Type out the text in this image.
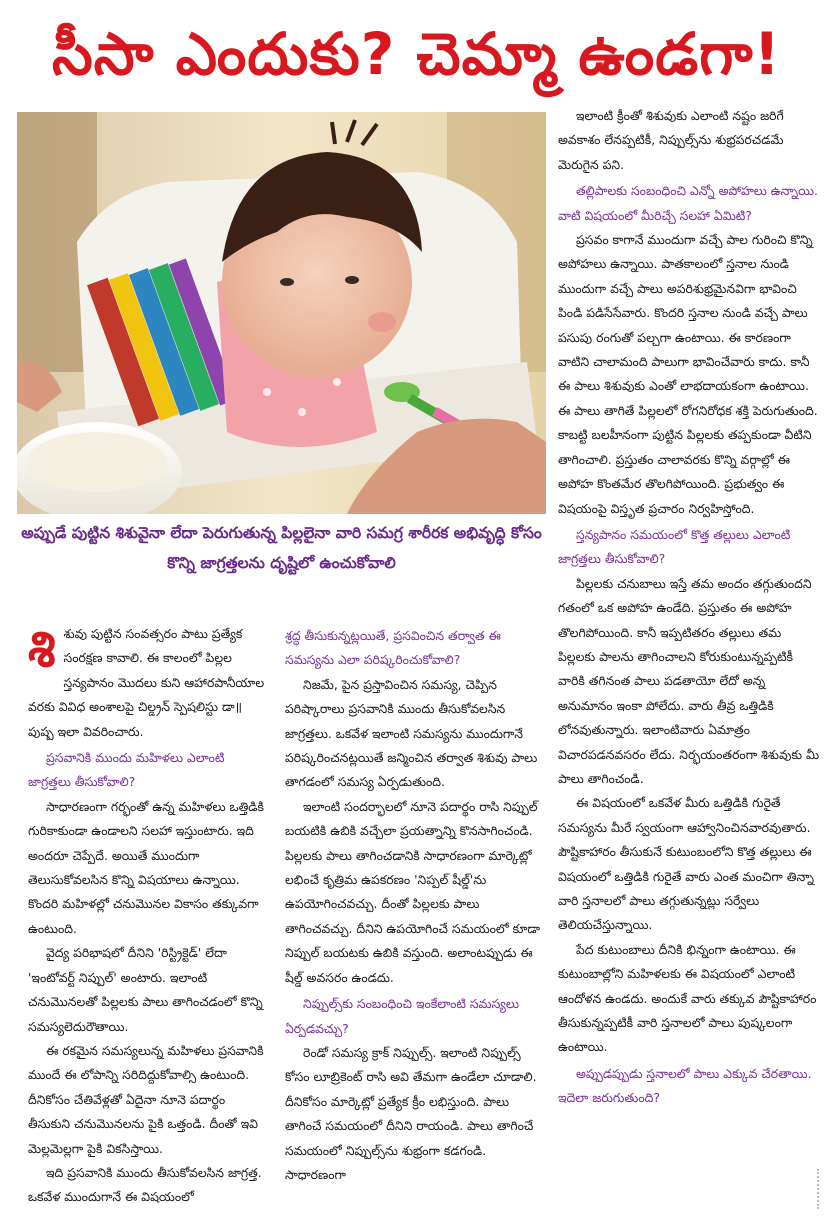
సీసా ఎందుకు? చెమ్మా ఉండగా!

అప్పుడే పుట్టిన శిశువైనా లేదా పెరుగుతున్న పిల్లలైనా వారి సమగ్ర శారీరక అభివృద్ధి కోసం కొన్ని జాగ్రత్తలను దృష్టిలో ఉంచుకోవాలి

శి శువు పుట్టిన సంవత్సరం పాటు ప్రత్యేక సంరక్షణ కావాలి. ఈ కాలంలో పిల్లల స్తన్యపానం మొదలు కుని ఆహారపానీయాల వరకు వివిధ అంశాలపై చిల్డ్రన్ స్పెషలిస్టు డా॥ పుష్ప ఇలా వివరించారు.

ప్రసవానికి ముందు మహిళలు ఎలాంటి జాగ్రత్తలు తీసుకోవాలి?

సాధారణంగా గర్భంతో ఉన్న మహిళలు ఒత్తిడికి గురికాకుండా ఉండాలని సలహా ఇస్తుంటారు. ఇది అందరూ చెప్పేదే. అయితే ముందుగా తెలుసుకోవలసిన కొన్ని విషయాలు ఉన్నాయి. కొందరి మహిళల్లో చనుమొనల వికాసం తక్కువగా ఉంటుంది.

వైద్య పరిభాషలో దీనిని 'రిస్ట్రిక్టెడ్' లేదా 'ఇంటోవర్ట్ నిప్పుల్' అంటారు. ఇలాంటి చనుమొనలతో పిల్లలకు పాలు తాగించడంలో కొన్ని సమస్యలెదురౌతాయి.

ఈ రకమైన సమస్యలున్న మహిళలు ప్రసవానికి ముందే ఈ లోపాన్ని సరిదిద్దుకోవాల్సి ఉంటుంది. దీనికోసం చేతివేళ్లతో ఏదైనా నూనె పదార్థం తీసుకుని చనుమొనలను పైకి ఒత్తండి. దీంతో ఇవి మెల్లమెల్లగా పైకి వికసిస్తాయి.

ఇది ప్రసవానికి ముందు తీసుకోవలసిన జాగ్రత్త. ఒకవేళ ముందుగానే ఈ విషయంలో

శ్రద్ధ తీసుకున్నట్లయితే, ప్రసవించిన తర్వాత ఈ సమస్యను ఎలా పరిష్కరించుకోవాలి?

నిజమే, పైన ప్రస్తావించిన సమస్య, చెప్పిన పరిష్కారాలు ప్రసవానికి ముందు తీసుకోవలసిన జాగ్రత్తలు. ఒకవేళ ఇలాంటి సమస్యను ముందుగానే పరిష్కరించనట్లయితే జన్మించిన తర్వాత శిశువు పాలు తాగడంలో సమస్య ఏర్పడుతుంది.

ఇలాంటి సందర్భాలలో నూనె పదార్థం రాసి నిప్పుల్ బయటికి ఉబికి వచ్చేలా ప్రయత్నాన్ని కొనసాగించండి. పిల్లలకు పాలు తాగించడానికి సాధారణంగా మార్కెట్లో లభించే కృత్రిమ ఉపకరణం 'నిప్పల్ షీల్డ్'ను ఉపయోగించవచ్చు. దీంతో పిల్లలకు పాలు తాగించవచ్చు. దీనిని ఉపయోగించే సమయంలో కూడా నిప్పుల్ బయటకు ఉబికి వస్తుంది. అలాంటప్పుడు ఈ షీల్డ్ అవసరం ఉండదు.

నిప్పుల్స్‌కు సంబంధించి ఇంకేలాంటి సమస్యలు ఏర్పడవచ్చు?

రెండో సమస్య క్రాక్ నిప్పుల్స్. ఇలాంటి నిప్పుల్స్ కోసం లూబ్రికెంట్ రాసి అవి తేమగా ఉండేలా చూడాలి. దీనికోసం మార్కెట్లో ప్రత్యేక క్రీం లభిస్తుంది. పాలు తాగించే సమయంలో దీనిని రాయండి. పాలు తాగించే సమయంలో నిప్పుల్స్‌ను శుభ్రంగా కడగండి. సాధారణంగా

ఇలాంటి క్రీంతో శిశువుకు ఎలాంటి నష్టం జరిగే అవకాశం లేనప్పటికీ, నిప్పుల్స్‌ను శుభ్రపరచడమే మెరుగైన పని.

తల్లిపాలకు సంబంధించి ఎన్నో అపోహలు ఉన్నాయి. వాటి విషయంలో మీరిచ్చే సలహా ఏమిటి?

ప్రసవం కాగానే ముందుగా వచ్చే పాల గురించి కొన్ని అపోహలు ఉన్నాయి. పాతకాలంలో స్తనాల నుండి ముందుగా వచ్చే పాలు అపరిశుభ్రమైనవిగా భావించి పిండి పడిసేసేవారు. కొందరి స్తనాల నుండి వచ్చే పాలు పసుపు రంగుతో పల్చగా ఉంటాయి. ఈ కారణంగా వాటిని చాలామంది పాలుగా భావించేవారు కాదు. కానీ ఈ పాలు శిశువుకు ఎంతో లాభదాయకంగా ఉంటాయి. ఈ పాలు తాగితే పిల్లలలో రోగనిరోధక శక్తి పెరుగుతుంది. కాబట్టి బలహీనంగా పుట్టిన పిల్లలకు తప్పకుండా వీటిని తాగించాలి. ప్రస్తుతం చాలావరకు కొన్ని వర్గాల్లో ఈ అపోహ కొంతమేర తొలగిపోయింది. ప్రభుత్వం ఈ విషయంపై విస్తృత ప్రచారం నిర్వహిస్తోంది.

స్తన్యపానం సమయంలో కొత్త తల్లులు ఎలాంటి జాగ్రత్తలు తీసుకోవాలి?

పిల్లలకు చనుబాలు ఇస్తే తమ అందం తగ్గుతుందని గతంలో ఒక అపోహ ఉండేది. ప్రస్తుతం ఈ అపోహ తొలగిపోయింది. కానీ ఇప్పటితరం తల్లులు తమ పిల్లలకు పాలను తాగించాలని కోరుకుంటున్నప్పటికీ వారికి తగినంత పాలు పడతాయో లేదో అన్న అనుమానం ఇంకా పోలేదు. వారు తీవ్ర ఒత్తిడికి లోనవుతున్నారు. ఇలాంటివారు ఏమాత్రం విచారపడనవసరం లేదు. నిర్భయంతరంగా శిశువుకు మీ పాలు తాగించండి.

ఈ విషయంలో ఒకవేళ మీరు ఒత్తిడికి గురైతే సమస్యను మీరే స్వయంగా ఆహ్వానించినవారవుతారు. పౌష్టికాహారం తీసుకునే కుటుంబంలోని కొత్త తల్లులు ఈ విషయంలో ఒత్తిడికి గురైతే వారు ఎంత మంచిగా తిన్నా వారి స్తనాలలో పాలు తగ్గుతున్నట్లు సర్వేలు తెలియచేస్తున్నాయి.

పేద కుటుంబాలు దీనికి భిన్నంగా ఉంటాయి. ఈ కుటుంబాల్లోని మహిళలకు ఈ విషయంలో ఎలాంటి ఆందోళన ఉండదు. అందుకే వారు తక్కువ పౌష్టికాహారం తీసుకున్నప్పటికీ వారి స్తనాలలో పాలు పుష్కలంగా ఉంటాయి.

అప్పుడప్పుడు స్తనాలలో పాలు ఎక్కువ చేరతాయి. ఇదెలా జరుగుతుంది?
